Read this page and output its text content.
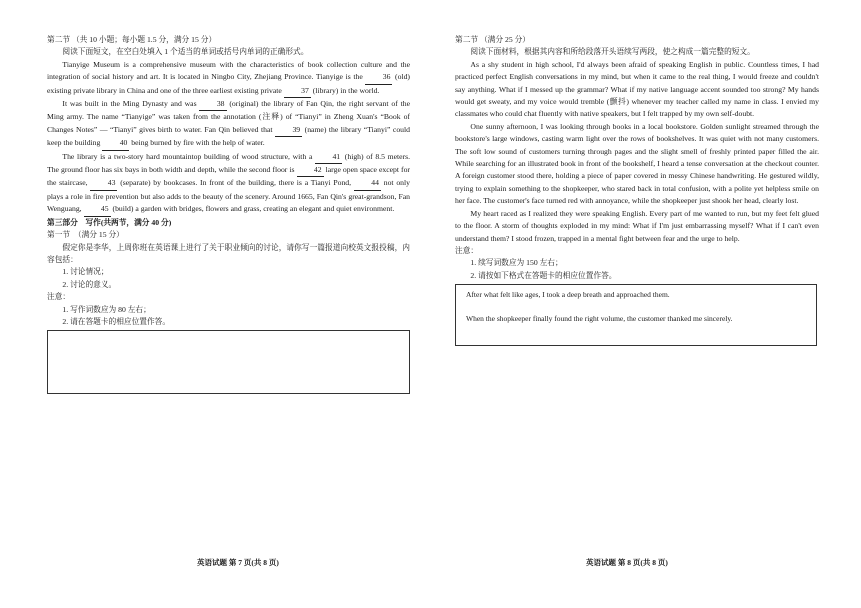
第二节 （共 10 小题；每小题 1.5 分，满分 15 分）

阅读下面短文，在空白处填入 1 个适当的单词或括号内单词的正确形式。

Tianyige Museum is a comprehensive museum with the characteristics of book collection culture and the integration of social history and art. It is located in Ningbo City, Zhejiang Province. Tianyige is the 36 (old) existing private library in China and one of the three earliest existing private 37 (library) in the world.

It was built in the Ming Dynasty and was 38 (original) the library of Fan Qin, the right servant of the Ming army. The name “Tianyige” was taken from the annotation (注释) of “Tianyi” in Zheng Xuan's “Book of Changes Notes” — “Tianyi” gives birth to water. Fan Qin believed that 39 (name) the library “Tianyi” could keep the building 40 being burned by fire with the help of water.

The library is a two-story hard mountaintop building of wood structure, with a 41 (high) of 8.5 meters. The ground floor has six bays in both width and depth, while the second floor is 42 large open space except for the staircase, 43 (separate) by bookcases. In front of the building, there is a Tianyi Pond, 44 not only plays a role in fire prevention but also adds to the beauty of the scenery. Around 1665, Fan Qin's great-grandson, Fan Wenguang, 45 (build) a garden with bridges, flowers and grass, creating an elegant and quiet environment.

第三部分　写作(共两节，满分 40 分)

第一节　（满分 15 分）

假定你是李华，上周你班在英语课上进行了关于职业倾向的讨论，请你写一篇报道向校英文报投稿，内容包括：

1. 讨论情况；

2. 讨论的意义。

注意：

1. 写作词数应为 80 左右；

2. 请在答题卡的相应位置作答。

第二节 （满分 25 分）

阅读下面材料，根据其内容和所给段落开头语续写两段，使之构成一篇完整的短文。

As a shy student in high school, I'd always been afraid of speaking English in public. Countless times, I had practiced perfect English conversations in my mind, but when it came to the real thing, I would freeze and couldn't say anything. What if I messed up the grammar? What if my native language accent sounded too strong? My hands would get sweaty, and my voice would tremble (颤抖) whenever my teacher called my name in class. I envied my classmates who could chat fluently with native speakers, but I felt trapped by my own self-doubt.

One sunny afternoon, I was looking through books in a local bookstore. Golden sunlight streamed through the bookstore's large windows, casting warm light over the rows of bookshelves. It was quiet with not many customers. The soft low sound of customers turning through pages and the slight smell of freshly printed paper filled the air. While searching for an illustrated book in front of the bookshelf, I heard a tense conversation at the checkout counter. A foreign customer stood there, holding a piece of paper covered in messy Chinese handwriting. He gestured wildly, trying to explain something to the shopkeeper, who stared back in total confusion, with a polite yet helpless smile on her face. The customer's face turned red with annoyance, while the shopkeeper just shook her head, clearly lost.

My heart raced as I realized they were speaking English. Every part of me wanted to run, but my feet felt glued to the floor. A storm of thoughts exploded in my mind: What if I'm just embarrassing myself? What if I can't even understand them? I stood frozen, trapped in a mental fight between fear and the urge to help.

注意：

1. 续写词数应为 150 左右；

2. 请按如下格式在答题卡的相应位置作答。

After what felt like ages, I took a deep breath and approached them.

When the shopkeeper finally found the right volume, the customer thanked me sincerely.

英语试题 第 7 页(共 8 页)	英语试题 第 8 页(共 8 页)
